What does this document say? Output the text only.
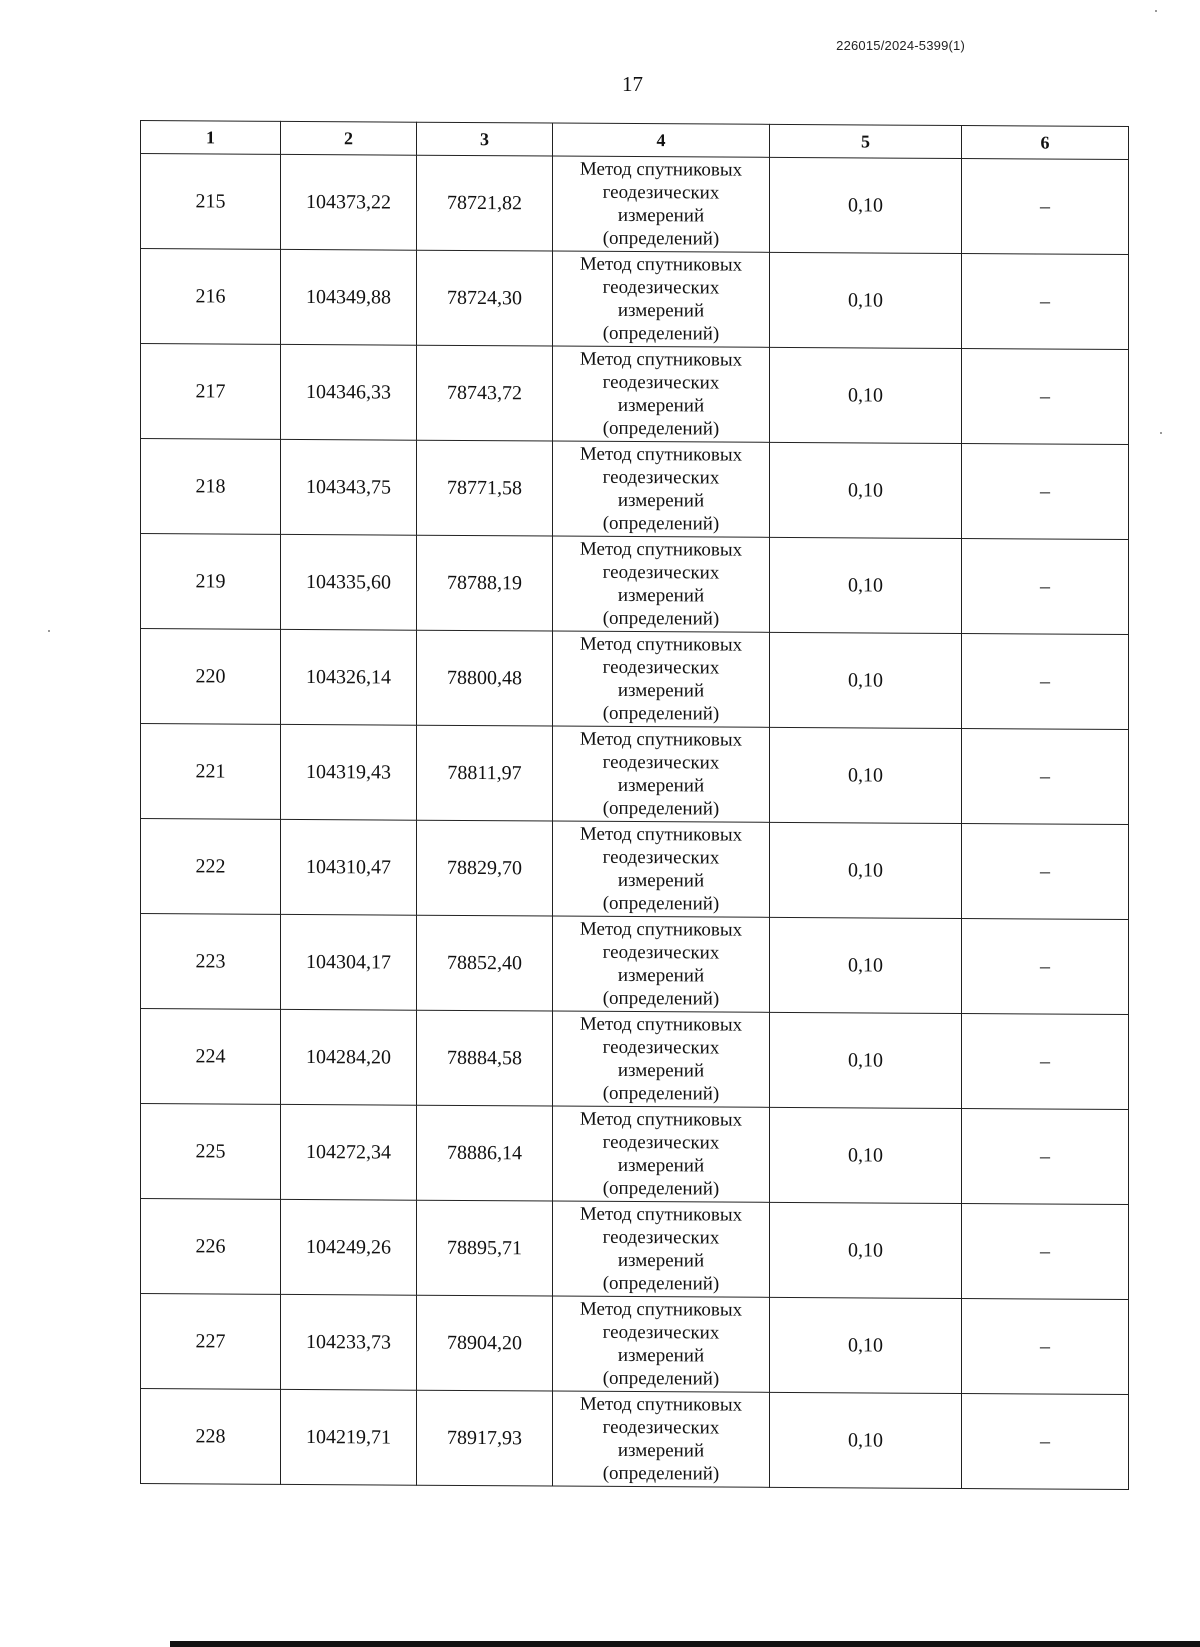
226015/2024-5399(1)
17
1	2	3	4	5	6
215	104373,22	78721,82	Метод спутниковых
геодезических
измерений
(определений)	0,10	–
216	104349,88	78724,30	Метод спутниковых
геодезических
измерений
(определений)	0,10	–
217	104346,33	78743,72	Метод спутниковых
геодезических
измерений
(определений)	0,10	–
218	104343,75	78771,58	Метод спутниковых
геодезических
измерений
(определений)	0,10	–
219	104335,60	78788,19	Метод спутниковых
геодезических
измерений
(определений)	0,10	–
220	104326,14	78800,48	Метод спутниковых
геодезических
измерений
(определений)	0,10	–
221	104319,43	78811,97	Метод спутниковых
геодезических
измерений
(определений)	0,10	–
222	104310,47	78829,70	Метод спутниковых
геодезических
измерений
(определений)	0,10	–
223	104304,17	78852,40	Метод спутниковых
геодезических
измерений
(определений)	0,10	–
224	104284,20	78884,58	Метод спутниковых
геодезических
измерений
(определений)	0,10	–
225	104272,34	78886,14	Метод спутниковых
геодезических
измерений
(определений)	0,10	–
226	104249,26	78895,71	Метод спутниковых
геодезических
измерений
(определений)	0,10	–
227	104233,73	78904,20	Метод спутниковых
геодезических
измерений
(определений)	0,10	–
228	104219,71	78917,93	Метод спутниковых
геодезических
измерений
(определений)	0,10	–
